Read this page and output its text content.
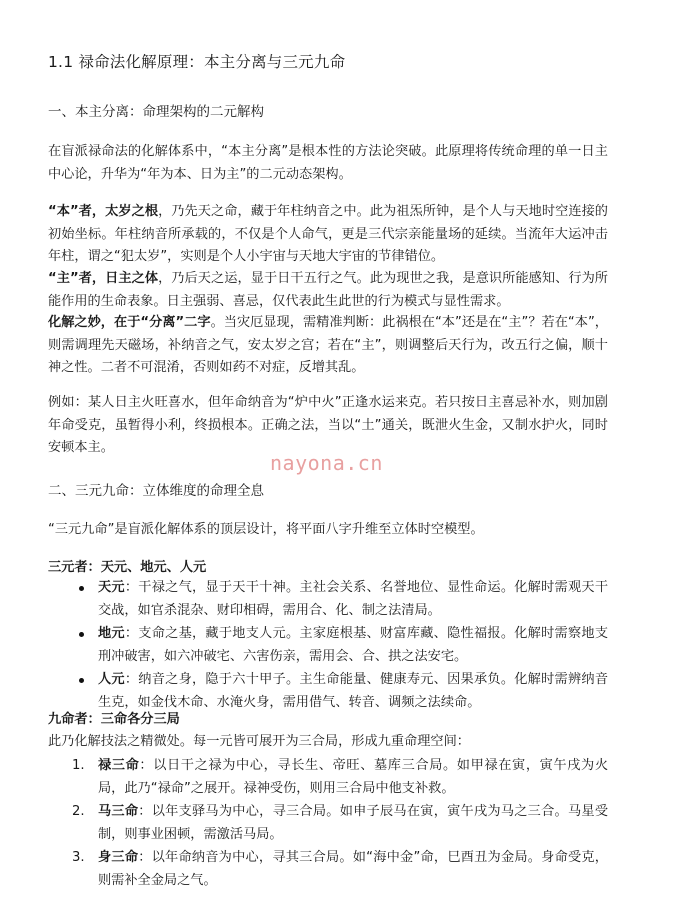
1.1 禄命法化解原理：本主分离与三元九命
一、本主分离：命理架构的二元解构
在盲派禄命法的化解体系中，“本主分离”是根本性的方法论突破。此原理将传统命理的单一日主中心论，升华为“年为本、日为主”的二元动态架构。
“本”者，太岁之根，乃先天之命，藏于年柱纳音之中。此为祖炁所钟，是个人与天地时空连接的初始坐标。年柱纳音所承载的，不仅是个人命气，更是三代宗亲能量场的延续。当流年大运冲击年柱，谓之“犯太岁”，实则是个人小宇宙与天地大宇宙的节律错位。
“主”者，日主之体，乃后天之运，显于日干五行之气。此为现世之我，是意识所能感知、行为所能作用的生命表象。日主强弱、喜忌，仅代表此生此世的行为模式与显性需求。
化解之妙，在于“分离”二字。当灾厄显现，需精准判断：此祸根在“本”还是在“主”？若在“本”，则需调理先天磁场，补纳音之气，安太岁之宫；若在“主”，则调整后天行为，改五行之偏，顺十神之性。二者不可混淆，否则如药不对症，反增其乱。
例如：某人日主火旺喜水，但年命纳音为“炉中火”正逢水运来克。若只按日主喜忌补水，则加剧年命受克，虽暂得小利，终损根本。正确之法，当以“土”通关，既泄火生金，又制水护火，同时安顿本主。
二、三元九命：立体维度的命理全息
“三元九命”是盲派化解体系的顶层设计，将平面八字升维至立体时空模型。
三元者：天元、地元、人元
天元：干禄之气，显于天干十神。主社会关系、名誉地位、显性命运。化解时需观天干交战，如官杀混杂、财印相碍，需用合、化、制之法清局。
地元：支命之基，藏于地支人元。主家庭根基、财富库藏、隐性福报。化解时需察地支刑冲破害，如六冲破宅、六害伤亲，需用会、合、拱之法安宅。
人元：纳音之身，隐于六十甲子。主生命能量、健康寿元、因果承负。化解时需辨纳音生克，如金伐木命、水淹火身，需用借气、转音、调频之法续命。
九命者：三命各分三局
此乃化解技法之精微处。每一元皆可展开为三合局，形成九重命理空间：
1. 禄三命：以日干之禄为中心，寻长生、帝旺、墓库三合局。如甲禄在寅，寅午戌为火局，此乃“禄命”之展开。禄神受伤，则用三合局中他支补救。
2. 马三命：以年支驿马为中心，寻三合局。如申子辰马在寅，寅午戌为马之三合。马星受制，则事业困顿，需激活马局。
3. 身三命：以年命纳音为中心，寻其三合局。如“海中金”命，巳酉丑为金局。身命受克，则需补全金局之气。
nayona.cn
